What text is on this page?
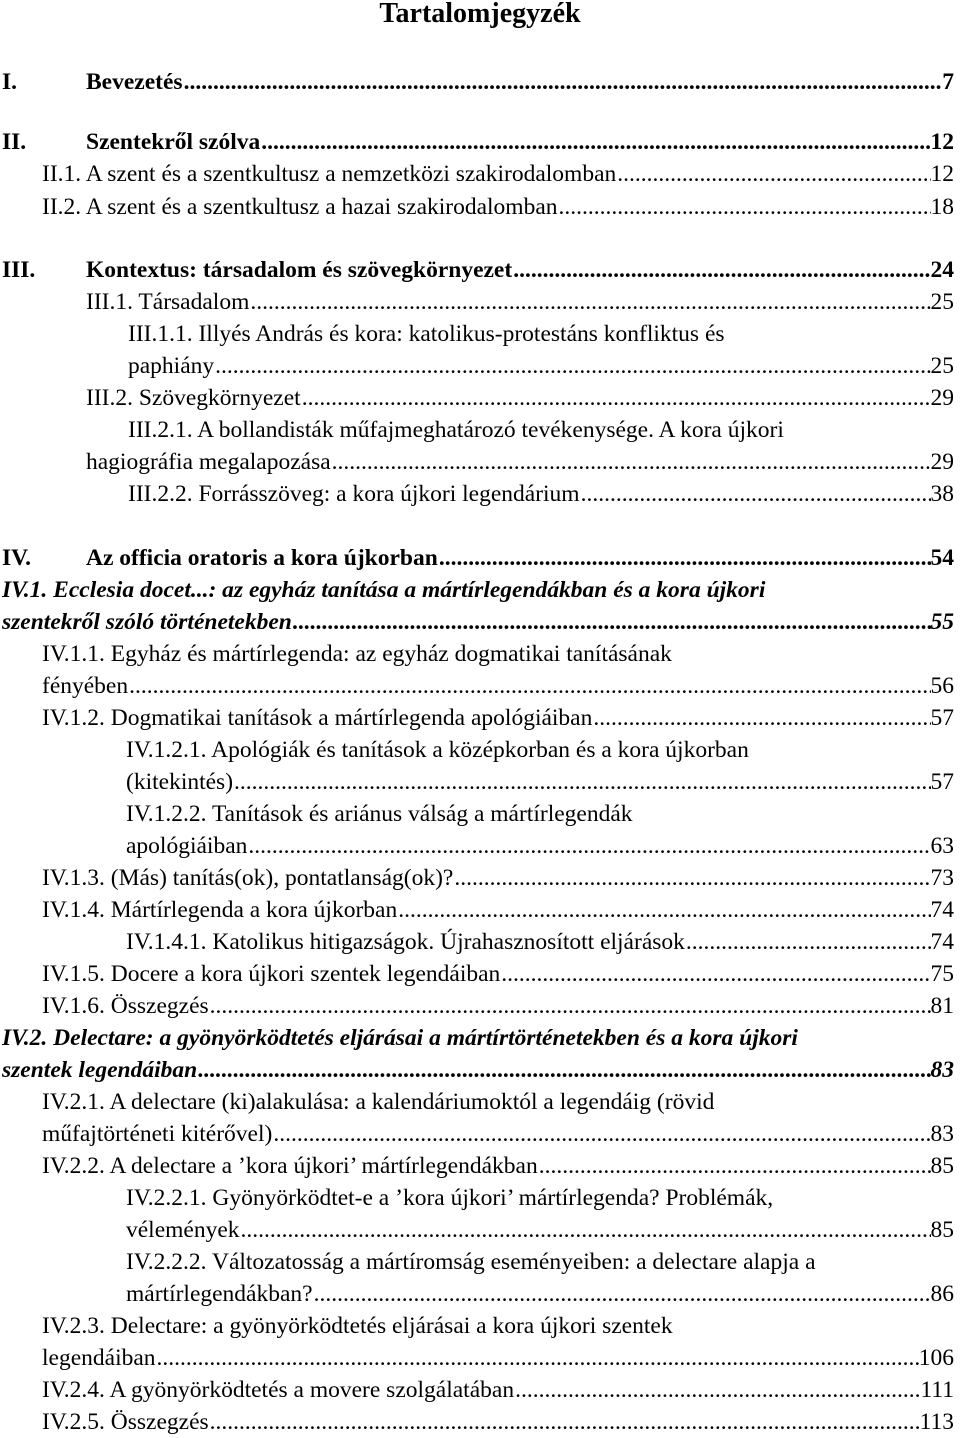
Tartalomjegyzék
I.	Bevezetés .....	7
II.	Szentekről szólva .....	12
II.1. A szent és a szentkultusz a nemzetközi szakirodalomban .....	12
II.2. A szent és a szentkultusz a hazai szakirodalomban .....	18
III. Kontextus: társadalom és szövegkörnyezet .....	24
III.1. Társadalom .....	25
III.1.1. Illyés András és kora: katolikus-protestáns konfliktus és
paphiány .....	25
III.2. Szövegkörnyezet .....	29
III.2.1. A bollandisták műfajmeghatározó tevékenysége. A kora újkori
hagiográfia megalapozása .....	29
III.2.2. Forrásszöveg: a kora újkori legendárium .....	38
IV. Az officia oratoris a kora újkorban .....	54
IV.1. Ecclesia docet...: az egyház tanítása a mártírlegendákban és a kora újkori
szentekről szóló történetekben .....	55
IV.1.1. Egyház és mártírlegenda: az egyház dogmatikai tanításának
fényében .....	56
IV.1.2. Dogmatikai tanítások a mártírlegenda apológiáiban .....	57
IV.1.2.1. Apológiák és tanítások a középkorban és a kora újkorban
(kitekintés) .....	57
IV.1.2.2. Tanítások és ariánus válság a mártírlegendák
apológiáiban .....	63
IV.1.3. (Más) tanítás(ok), pontatlanság(ok)? .....	73
IV.1.4. Mártírlegenda a kora újkorban .....	74
IV.1.4.1. Katolikus hitigazságok. Újrahasznosított eljárások .....	74
IV.1.5. Docere a kora újkori szentek legendáiban .....	75
IV.1.6. Összegzés .....	81
IV.2. Delectare: a gyönyörködtetés eljárásai a mártírtörténetekben és a kora újkori
szentek legendáiban .....	83
IV.2.1. A delectare (ki)alakulása: a kalendáriumoktól a legendáig (rövid
műfajtörténeti kitérővel) .....	83
IV.2.2. A delectare a ’kora újkori’ mártírlegendákban .....	85
IV.2.2.1. Gyönyörködtet-e a ’kora újkori’ mártírlegenda? Problémák,
vélemények .....	85
IV.2.2.2. Változatosság a mártíromság eseményeiben: a delectare alapja a
mártírlegendákban? .....	86
IV.2.3. Delectare: a gyönyörködtetés eljárásai a kora újkori szentek
legendáiban .....	106
IV.2.4. A gyönyörködtetés a movere szolgálatában .....	111
IV.2.5. Összegzés .....	113
